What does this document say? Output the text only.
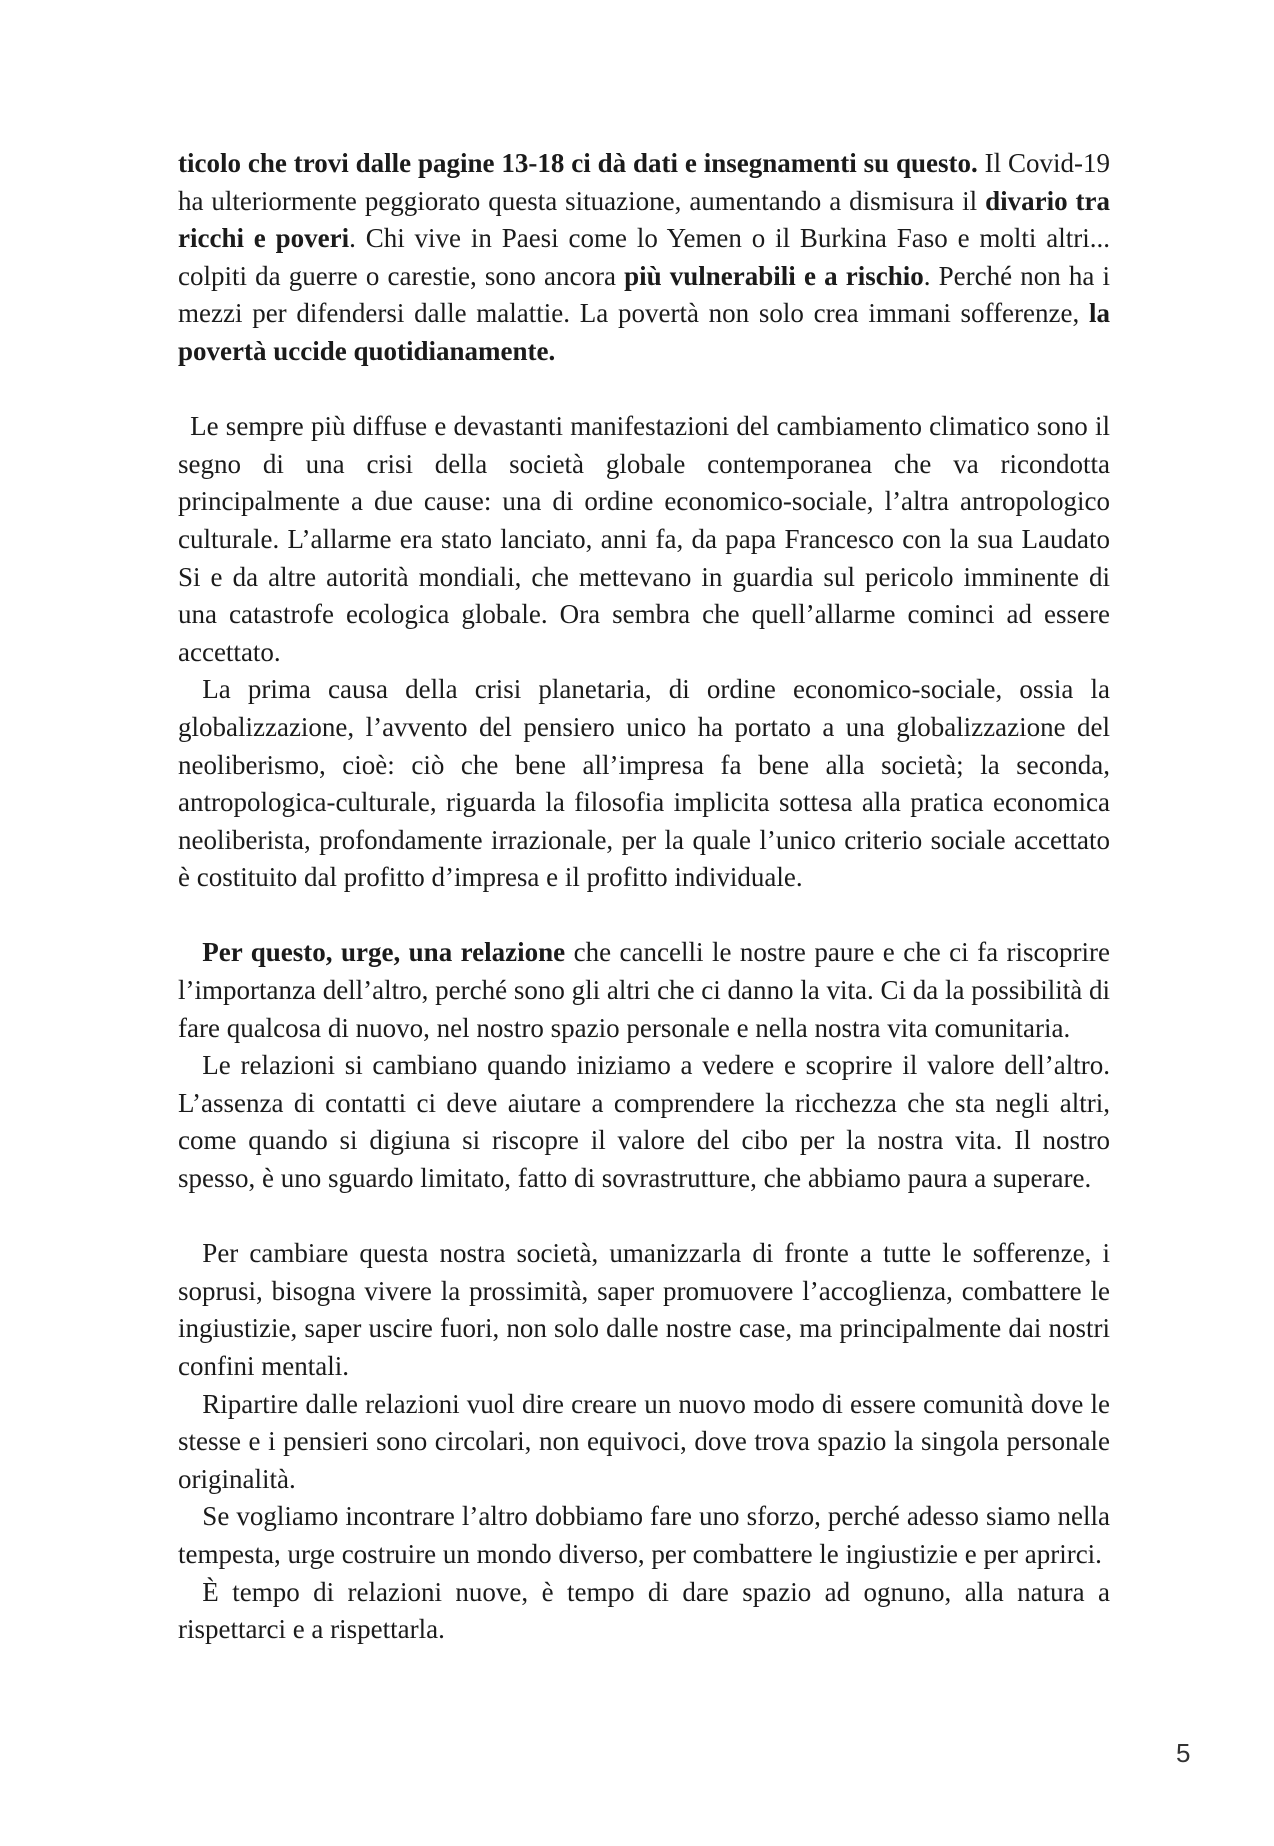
ticolo che trovi dalle pagine 13-18 ci dà dati e insegnamenti su questo. Il Covid-19 ha ulteriormente peggiorato questa situazione, aumentando a dismisura il divario tra ricchi e poveri. Chi vive in Paesi come lo Yemen o il Burkina Faso e molti altri... colpiti da guerre o carestie, sono ancora più vulnerabili e a rischio. Perché non ha i mezzi per difendersi dalle malattie. La povertà non solo crea immani sofferenze, la povertà uccide quotidianamente.

Le sempre più diffuse e devastanti manifestazioni del cambiamento climatico sono il segno di una crisi della società globale contemporanea che va ricondotta principalmente a due cause: una di ordine economico-sociale, l’altra antropologico culturale. L’allarme era stato lanciato, anni fa, da papa Francesco con la sua Laudato Si e da altre autorità mondiali, che mettevano in guardia sul pericolo imminente di una catastrofe ecologica globale. Ora sembra che quell’allarme cominci ad essere accettato.

La prima causa della crisi planetaria, di ordine economico-sociale, ossia la globalizzazione, l’avvento del pensiero unico ha portato a una globalizzazione del neoliberismo, cioè: ciò che bene all’impresa fa bene alla società; la seconda, antropologica-culturale, riguarda la filosofia implicita sottesa alla pratica economica neoliberista, profondamente irrazionale, per la quale l’unico criterio sociale accettato è costituito dal profitto d’impresa e il profitto individuale.

Per questo, urge, una relazione che cancelli le nostre paure e che ci fa riscoprire l’importanza dell’altro, perché sono gli altri che ci danno la vita. Ci da la possibilità di fare qualcosa di nuovo, nel nostro spazio personale e nella nostra vita comunitaria.

Le relazioni si cambiano quando iniziamo a vedere e scoprire il valore dell’altro. L’assenza di contatti ci deve aiutare a comprendere la ricchezza che sta negli altri, come quando si digiuna si riscopre il valore del cibo per la nostra vita. Il nostro spesso, è uno sguardo limitato, fatto di sovrastrutture, che abbiamo paura a superare.

Per cambiare questa nostra società, umanizzarla di fronte a tutte le sofferenze, i soprusi, bisogna vivere la prossimità, saper promuovere l’accoglienza, combattere le ingiustizie, saper uscire fuori, non solo dalle nostre case, ma principalmente dai nostri confini mentali.

Ripartire dalle relazioni vuol dire creare un nuovo modo di essere comunità dove le stesse e i pensieri sono circolari, non equivoci, dove trova spazio la singola personale originalità.

Se vogliamo incontrare l’altro dobbiamo fare uno sforzo, perché adesso siamo nella tempesta, urge costruire un mondo diverso, per combattere le ingiustizie e per aprirci.

È tempo di relazioni nuove, è tempo di dare spazio ad ognuno, alla natura a rispettarci e a rispettarla.

5
